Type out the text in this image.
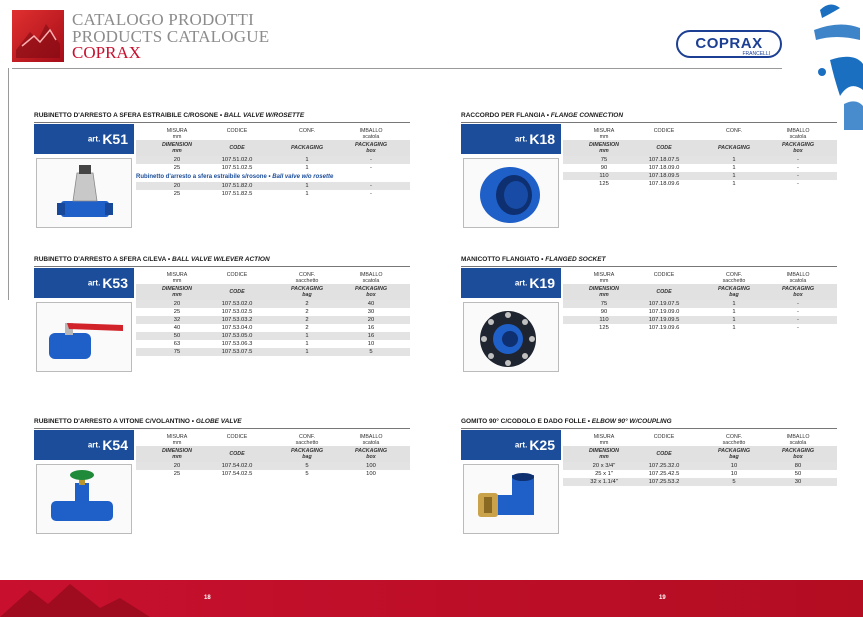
CATALOGO PRODOTTI
PRODUCTS CATALOGUE
COPRAX	COPRAX
FRANCELLI
RUBINETTO D'ARRESTO A SFERA ESTRAIBILE C/ROSONE • BALL VALVE W/ROSETTE
art. K51	MISURA
mm
CODICE	CONF.	IMBALLO
scatola
DIMENSION
mm	CODE	PACKAGING	PACKAGING
box
20	107.51.02.0	1	-
25	107.51.02.5	1	-
Rubinetto d'arresto a sfera estraibile s/rosone • Ball valve w/o rosette
20	107.51.82.0	1	-
25	107.51.82.5	1	-
RACCORDO PER FLANGIA • FLANGE CONNECTION
art. K18	MISURA
mm
CODICE	CONF.	IMBALLO
scatola
DIMENSION
mm	CODE	PACKAGING	PACKAGING
box
75	107.18.07.5	1	-
90	107.18.09.0	1	-
110	107.18.09.5	1	-
125	107.18.09.6	1	-
RUBINETTO D'ARRESTO A SFERA C/LEVA • BALL VALVE W/LEVER ACTION
art. K53	MISURA
mm
CODICE	CONF.
sacchetto
IMBALLO
scatola
DIMENSION
mm	CODE	PACKAGING
bag
PACKAGING
box
20	107.53.02.0	2	40
25	107.53.02.5	2	30
32	107.53.03.2	2	20
40	107.53.04.0	2	16
50	107.53.05.0	1	16
63	107.53.06.3	1	10
75	107.53.07.5	1	5
MANICOTTO FLANGIATO • FLANGED SOCKET
art. K19	MISURA
mm
CODICE	CONF.
sacchetto
IMBALLO
scatola
DIMENSION
mm	CODE	PACKAGING
bag
PACKAGING
box
75	107.19.07.5	1	-
90	107.19.09.0	1	-
110	107.19.09.5	1	-
125	107.19.09.6	1	-
RUBINETTO D'ARRESTO A VITONE C/VOLANTINO • GLOBE VALVE
art. K54	MISURA
mm
CODICE	CONF.
sacchetto
IMBALLO
scatola
DIMENSION
mm	CODE	PACKAGING
bag
PACKAGING
box
20	107.54.02.0	5	100
25	107.54.02.5	5	100
GOMITO 90° C/CODOLO E DADO FOLLE • ELBOW 90° W/COUPLING
art. K25	MISURA
mm
CODICE	CONF.
sacchetto
IMBALLO
scatola
DIMENSION
mm	CODE	PACKAGING
bag
PACKAGING
box
20 x 3/4"	107.25.32.0	10	80
25 x 1"	107.25.42.5	10	50
32 x 1.1/4"	107.25.53.2	5	30
18	19
